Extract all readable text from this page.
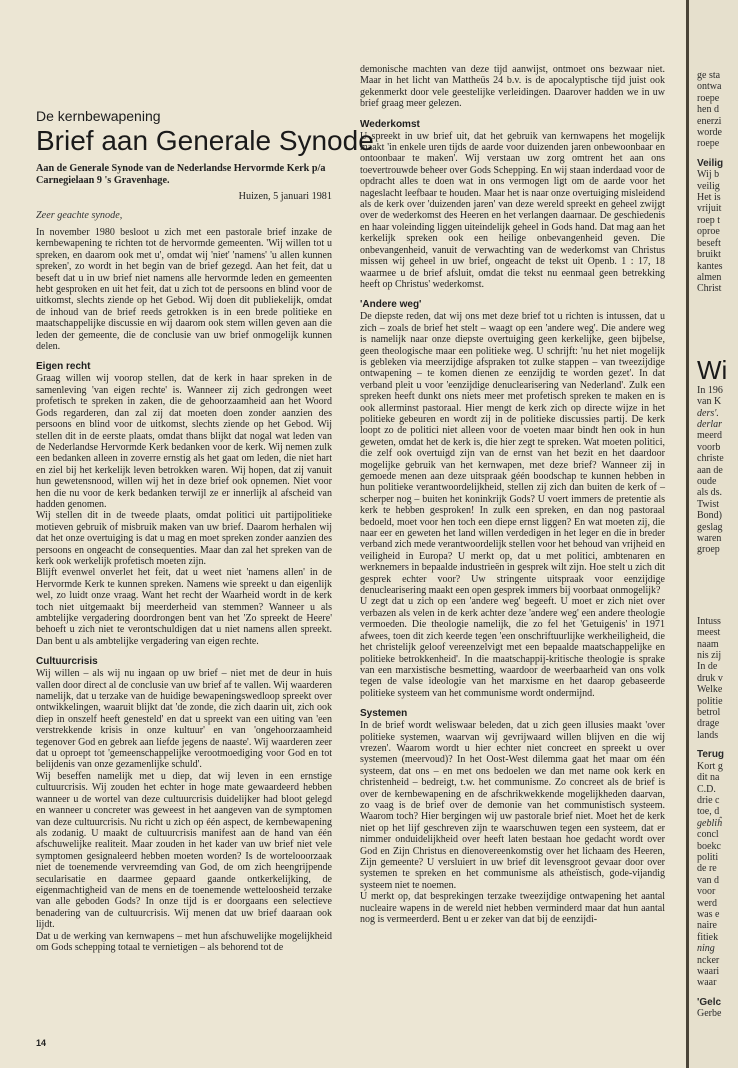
De kernbewapening
Brief aan Generale Synode
Aan de Generale Synode van de Nederlandse Hervormde Kerk p/a Carnegielaan 9 's Gravenhage.
Huizen, 5 januari 1981
Zeer geachte synode,

In november 1980 besloot u zich met een pastorale brief inzake de kernbewapening te richten tot de hervormde gemeenten. 'Wij willen tot u spreken, en daarom ook met u', omdat wij 'niet' 'namens' 'u allen kunnen spreken', zo wordt in het begin van de brief gezegd. Aan het feit, dat u beseft dat u in uw brief niet namens alle hervormde leden en gemeenten hebt gesproken en uit het feit, dat u zich tot de persoons en blind voor de uitkomst, slechts ziende op het Gebod. Wij doen dit publiekelijk, omdat de inhoud van de brief reeds getrokken is in een brede politieke en maatschappelijke discussie en wij daarom ook stem willen geven aan die leden der gemeente, die de conclusie van uw brief onmogelijk kunnen delen.

Eigen recht

Graag willen wij voorop stellen, dat de kerk in haar spreken in de samenleving 'van eigen rechte' is. Wanneer zij zich gedrongen weet profetisch te spreken in zaken, die de gehoorzaamheid aan het Woord Gods regarderen, dan zal zij dat moeten doen zonder aanzien des persoons en blind voor de uitkomst, slechts ziende op het Gebod. Wij stellen dit in de eerste plaats, omdat thans blijkt dat nogal wat leden van de Nederlandse Hervormde Kerk bedanken voor de kerk. Wij nemen zulk een bedanken alleen in zoverre ernstig als het gaat om leden, die niet hart en ziel bij het kerkelijk leven betrokken waren. Wij hopen, dat zij vanuit hun gewetensnood, willen wij het in deze brief ook opnemen. Niet voor hen die nu voor de kerk bedanken terwijl ze er innerlijk al afscheid van hadden genomen.

Wij stellen dit in de tweede plaats, omdat politici uit partijpolitieke motieven gebruik of misbruik maken van uw brief. Daarom herhalen wij dat het onze overtuiging is dat u mag en moet spreken zonder aanzien des persoons en ongeacht de consequenties. Maar dan zal het spreken van de kerk ook werkelijk profetisch moeten zijn.

Blijft evenwel onverlet het feit, dat u weet niet 'namens allen' in de Hervormde Kerk te kunnen spreken. Namens wie spreekt u dan eigenlijk wel, zo luidt onze vraag. Want het recht der Waarheid wordt in de kerk toch niet uitgemaakt bij meerderheid van stemmen? Wanneer u als ambtelijke vergadering doordrongen bent van het 'Zo spreekt de Heere' behoeft u zich niet te verontschuldigen dat u niet namens allen spreekt. Dan bent u als ambtelijke vergadering van eigen rechte.

Cultuurcrisis

Wij willen – als wij nu ingaan op uw brief – niet met de deur in huis vallen door direct al de conclusie van uw brief af te vallen. Wij waarderen namelijk, dat u terzake van de huidige bewapeningswedloop spreekt over ontwikkelingen, waaruit blijkt dat 'de zonde, die zich daarin uit, zich ook diep in onszelf heeft genesteld' en dat u spreekt van een uiting van 'een verstrekkende krisis in onze kultuur' en van 'ongehoorzaamheid tegenover God en gebrek aan liefde jegens de naaste'. Wij waarderen zeer dat u oproept tot 'gemeenschappelijke verootmoediging voor God en tot belijdenis van onze gezamenlijke schuld'.

Wij beseffen namelijk met u diep, dat wij leven in een ernstige cultuurcrisis. Wij zouden het echter in hoge mate gewaardeerd hebben wanneer u de wortel van deze cultuurcrisis duidelijker had bloot gelegd en wanneer u concreter was geweest in het aangeven van de symptomen van deze cultuurcrisis. Nu richt u zich op één aspect, de kernbewapening als zodanig. U maakt de cultuurcrisis manifest aan de hand van één afschuwelijke realiteit. Maar zouden in het kader van uw brief niet vele symptomen gesignaleerd hebben moeten worden? Is de wortelooorzaak niet de toenemende vervreemding van God, de om zich heengrijpende secularisatie en daarmee gepaard gaande ontkerkelijking, de eigenmachtigheid van de mens en de toenemende wetteloosheid terzake van alle geboden Gods? In onze tijd is er doorgaans een selectieve benadering van de cultuurcrisis. Wij menen dat uw brief daaraan ook lijdt.

Dat u de werking van kernwapens – met hun afschuwelijke mogelijkheid om Gods schepping totaal te vernietigen – als behorend tot de

demonische machten van deze tijd aanwijst, ontmoet ons bezwaar niet. Maar in het licht van Mattheüs 24 b.v. is de apocalyptische tijd juist ook gekenmerkt door vele geestelijke verleidingen. Daarover hadden we in uw brief graag meer gelezen.

Wederkomst

U spreekt in uw brief uit, dat het gebruik van kernwapens het mogelijk maakt 'in enkele uren tijds de aarde voor duizenden jaren onbewoonbaar en ontoonbaar te maken'. Wij verstaan uw zorg omtrent het aan ons toevertrouwde beheer over Gods Schepping. En wij staan inderdaad voor de opdracht alles te doen wat in ons vermogen ligt om de aarde voor het nageslacht leefbaar te houden. Maar het is naar onze overtuiging misleidend als de kerk over 'duizenden jaren' van deze wereld spreekt en geheel zwijgt over de wederkomst des Heeren en het verlangen daarnaar. De geschiedenis en haar voleinding liggen uiteindelijk geheel in Gods hand. Dat mag aan het kerkelijk spreken ook een heilige onbevangenheid geven. Die onbevangenheid, vanuit de verwachting van de wederkomst van Christus missen wij geheel in uw brief, ongeacht de tekst uit Openb. 1 : 17, 18 waarmee u de brief afsluit, omdat die tekst nu eenmaal geen betrekking heeft op Christus' wederkomst.

'Andere weg'

De diepste reden, dat wij ons met deze brief tot u richten is intussen, dat u zich – zoals de brief het stelt – waagt op een 'andere weg'. Die andere weg is namelijk naar onze diepste overtuiging geen kerkelijke, geen bijbelse, geen theologische maar een politieke weg. U schrijft: 'nu het niet mogelijk is gebleken via meerzijdige afspraken tot zulke stappen – van tweezijdige ontwapening – te komen dienen ze eenzijdig te worden gezet'. In dat verband pleit u voor 'eenzijdige denuclearisering van Nederland'. Zulk een spreken heeft dunkt ons niets meer met profetisch spreken te maken en is ook allerminst pastoraal. Hier mengt de kerk zich op directe wijze in het politieke gebeuren en wordt zij in de politieke discussies partij. De kerk loopt zo de politici niet alleen voor de voeten maar bindt hen ook in hun geweten, omdat het de kerk is, die hier zegt te spreken. Wat moeten politici, die zelf ook overtuigd zijn van de ernst van het bezit en het daardoor mogelijke gebruik van het kernwapen, met deze brief? Wanneer zij in gemoede menen aan deze uitspraak géén boodschap te kunnen hebben in hun politieke verantwoordelijkheid, stellen zij zich dan buiten de kerk of – scherper nog – buiten het koninkrijk Gods? U voert immers de pretentie als kerk te hebben gesproken! In zulk een spreken, en dan nog pastoraal bedoeld, moet voor hen toch een diepe ernst liggen? En wat moeten zij, die naar eer en geweten het land willen verdedigen in het leger en die in breder verband zich mede verantwoordelijk stellen voor het behoud van vrijheid en veiligheid in Europa? U merkt op, dat u met politici, ambtenaren en werknemers in bepaalde industrieën in gesprek wilt zijn. Hoe stelt u zich dit gesprek echter voor? Uw stringente uitspraak voor eenzijdige denuclearisering maakt een open gesprek immers bij voorbaat onmogelijk?

U zegt dat u zich op een 'andere weg' begeeft. U moet er zich niet over verbazen als velen in de kerk achter deze 'andere weg' een andere theologie vermoeden. Die theologie namelijk, die zo fel het 'Getuigenis' in 1971 afwees, toen dit zich keerde tegen 'een onschriftuurlijke werkheiligheid, die het christelijk geloof vereenzelvigt met een bepaalde maatschappelijke en politieke betrokkenheid'. In die maatschappij-kritische theologie is sprake van een marxistische besmetting, waardoor de weerbaarheid van ons volk tegen de valse ideologie van het marxisme en het daarop gebaseerde politieke systeem van het communisme wordt ondermijnd.

Systemen

In de brief wordt weliswaar beleden, dat u zich geen illusies maakt 'over politieke systemen, waarvan wij gevrijwaard willen blijven en die wij vrezen'. Waarom wordt u hier echter niet concreet en spreekt u over systemen (meervoud)? In het Oost-West dilemma gaat het maar om één systeem, dat ons – en met ons bedoelen we dan met name ook kerk en christenheid – bedreigt, t.w. het communisme. Zo concreet als de brief is over de kernbewapening en de afschrikwekkende mogelijkheden daarvan, zo vaag is de brief over de demonie van het communistisch systeem. Waarom toch? Hier bergingen wij uw pastorale brief niet. Moet het de kerk niet op het lijf geschreven zijn te waarschuwen tegen een systeem, dat er nimmer onduidelijkheid over heeft laten bestaan hoe gedacht wordt over God en Zijn Christus en dienovereenkomstig over het lichaam des Heeren, Zijn gemeente? U versluiert in uw brief dit levensgroot gevaar door over systemen te spreken en het communisme als atheïstisch, gode-vijandig systeem niet te noemen.

U merkt op, dat besprekingen terzake tweezijdige ontwapening het aantal nucleaire wapens in de wereld niet hebben verminderd maar dat hun aantal nog is vermeerderd. Bent u er zeker van dat bij de eenzijdi-

14
ge sta
ontwa
roepe
hen d
enerzi
worde
roepe
Veilig
Wij b
veilig
Het is
vrijuit
roep t
oproe
beseft
bruikt
kantes
almen
Christ
Wi
In 196
van K
ders'.
derlar
meerd
voorb
christe
aan de
oude
als ds.
Twist
Bond)
geslag
waren
groep
Intuss
meest
naam
nis zij
In de
druk v
Welke
politie
betrol
drage
lands
Terug
Kort g
dit na
C.D.
drie c
toe, d
gebliĥ
concl
boekc
politi
de re
van d
voor
werd
was e
naire
fitiek
ning
ncker
waari
waar
'Gelc
Gerbe
